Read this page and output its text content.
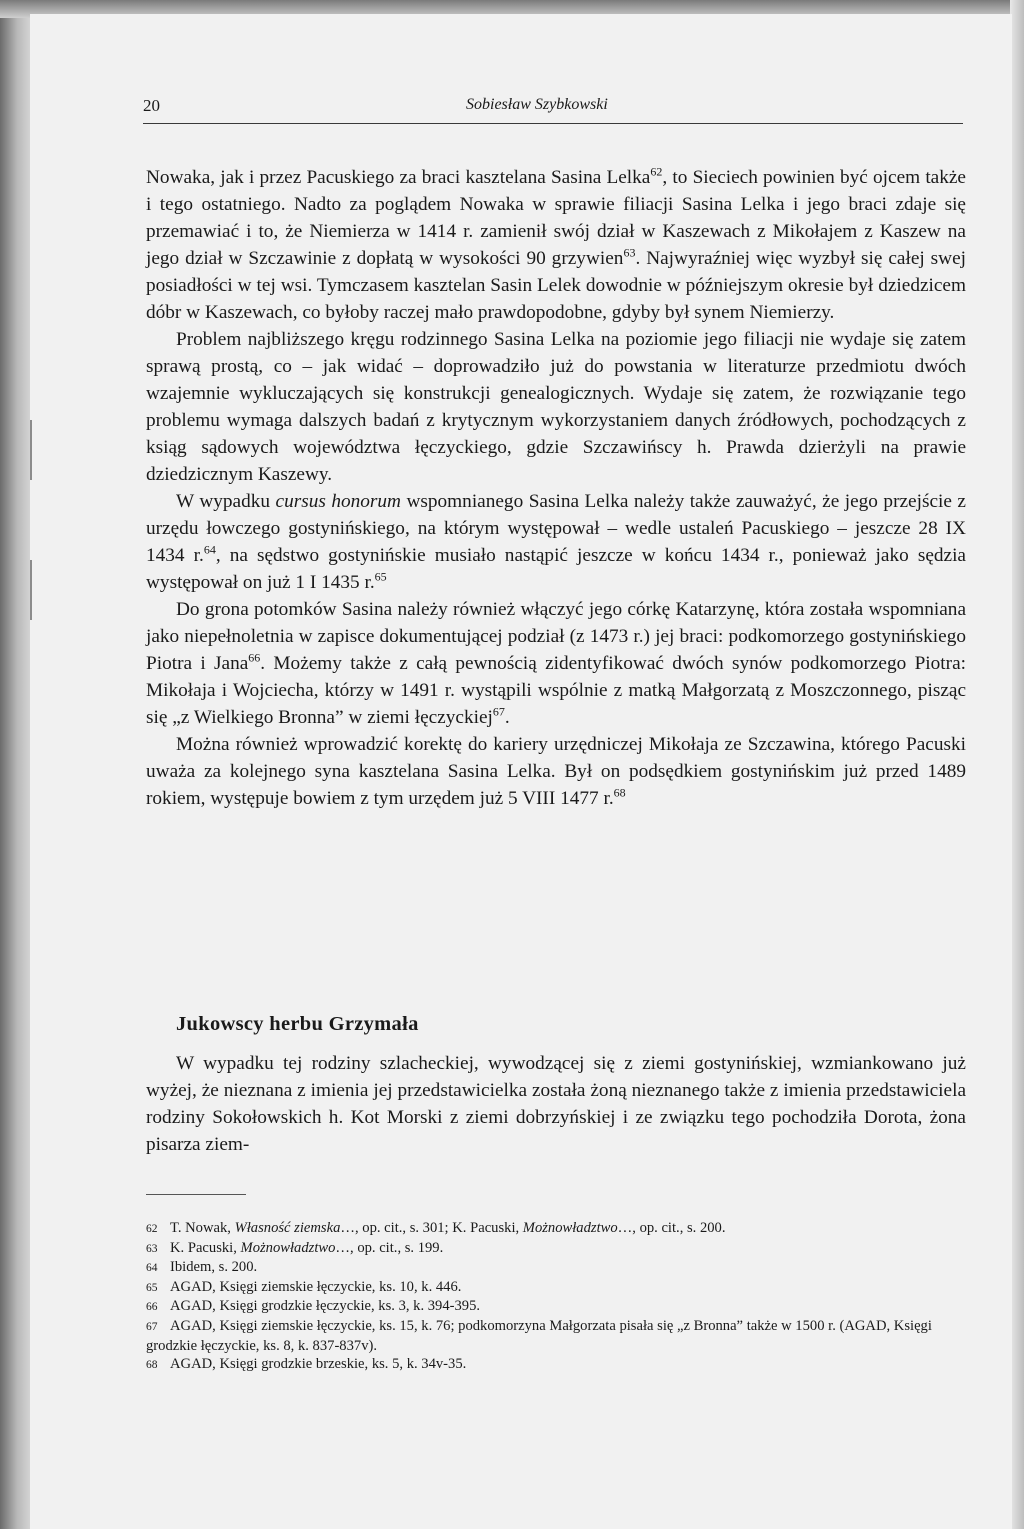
20	Sobiesław Szybkowski

Nowaka, jak i przez Pacuskiego za braci kasztelana Sasina Lelka$^{62}$, to Sieciech powinien być ojcem także i tego ostatniego. Nadto za poglądem Nowaka w sprawie filiacji Sasina Lelka i jego braci zdaje się przemawiać i to, że Niemierza w 1414 r. zamienił swój dział w Kaszewach z Mikołajem z Kaszew na jego dział w Szczawinie z dopłatą w wysokości 90 grzywien$^{63}$. Najwyraźniej więc wyzbył się całej swej posiadłości w tej wsi. Tymczasem kasztelan Sasin Lelek dowodnie w późniejszym okresie był dziedzicem dóbr w Kaszewach, co byłoby raczej mało prawdopodobne, gdyby był synem Niemierzy.

Problem najbliższego kręgu rodzinnego Sasina Lelka na poziomie jego filiacji nie wydaje się zatem sprawą prostą, co – jak widać – doprowadziło już do powstania w literaturze przedmiotu dwóch wzajemnie wykluczających się konstrukcji genealogicznych. Wydaje się zatem, że rozwiązanie tego problemu wymaga dalszych badań z krytycznym wykorzystaniem danych źródłowych, pochodzących z ksiąg sądowych województwa łęczyckiego, gdzie Szczawińscy h. Prawda dzierżyli na prawie dziedzicznym Kaszewy.

W wypadku cursus honorum wspomnianego Sasina Lelka należy także zauważyć, że jego przejście z urzędu łowczego gostynińskiego, na którym występował – wedle ustaleń Pacuskiego – jeszcze 28 IX 1434 r.$^{64}$, na sędstwo gostynińskie musiało nastąpić jeszcze w końcu 1434 r., ponieważ jako sędzia występował on już 1 I 1435 r.$^{65}$

Do grona potomków Sasina należy również włączyć jego córkę Katarzynę, która została wspomniana jako niepełnoletnia w zapisce dokumentującej podział (z 1473 r.) jej braci: podkomorzego gostynińskiego Piotra i Jana$^{66}$. Możemy także z całą pewnością zidentyfikować dwóch synów podkomorzego Piotra: Mikołaja i Wojciecha, którzy w 1491 r. wystąpili wspólnie z matką Małgorzatą z Moszczonnego, pisząc się „z Wielkiego Bronna” w ziemi łęczyckiej$^{67}$.

Można również wprowadzić korektę do kariery urzędniczej Mikołaja ze Szczawina, którego Pacuski uważa za kolejnego syna kasztelana Sasina Lelka. Był on podsędkiem gostynińskim już przed 1489 rokiem, występuje bowiem z tym urzędem już 5 VIII 1477 r.$^{68}$

Jukowscy herbu Grzymała

W wypadku tej rodziny szlacheckiej, wywodzącej się z ziemi gostynińskiej, wzmiankowano już wyżej, że nieznana z imienia jej przedstawicielka została żoną nieznanego także z imienia przedstawiciela rodziny Sokołowskich h. Kot Morski z ziemi dobrzyńskiej i ze związku tego pochodziła Dorota, żona pisarza ziem-

62 T. Nowak, Własność ziemska…, op. cit., s. 301; K. Pacuski, Możnowładztwo…, op. cit., s. 200.
63 K. Pacuski, Możnowładztwo…, op. cit., s. 199.
64 Ibidem, s. 200.
65 AGAD, Księgi ziemskie łęczyckie, ks. 10, k. 446.
66 AGAD, Księgi grodzkie łęczyckie, ks. 3, k. 394-395.
67 AGAD, Księgi ziemskie łęczyckie, ks. 15, k. 76; podkomorzyna Małgorzata pisała się „z Bronna” także w 1500 r. (AGAD, Księgi grodzkie łęczyckie, ks. 8, k. 837-837v).
68 AGAD, Księgi grodzkie brzeskie, ks. 5, k. 34v-35.
